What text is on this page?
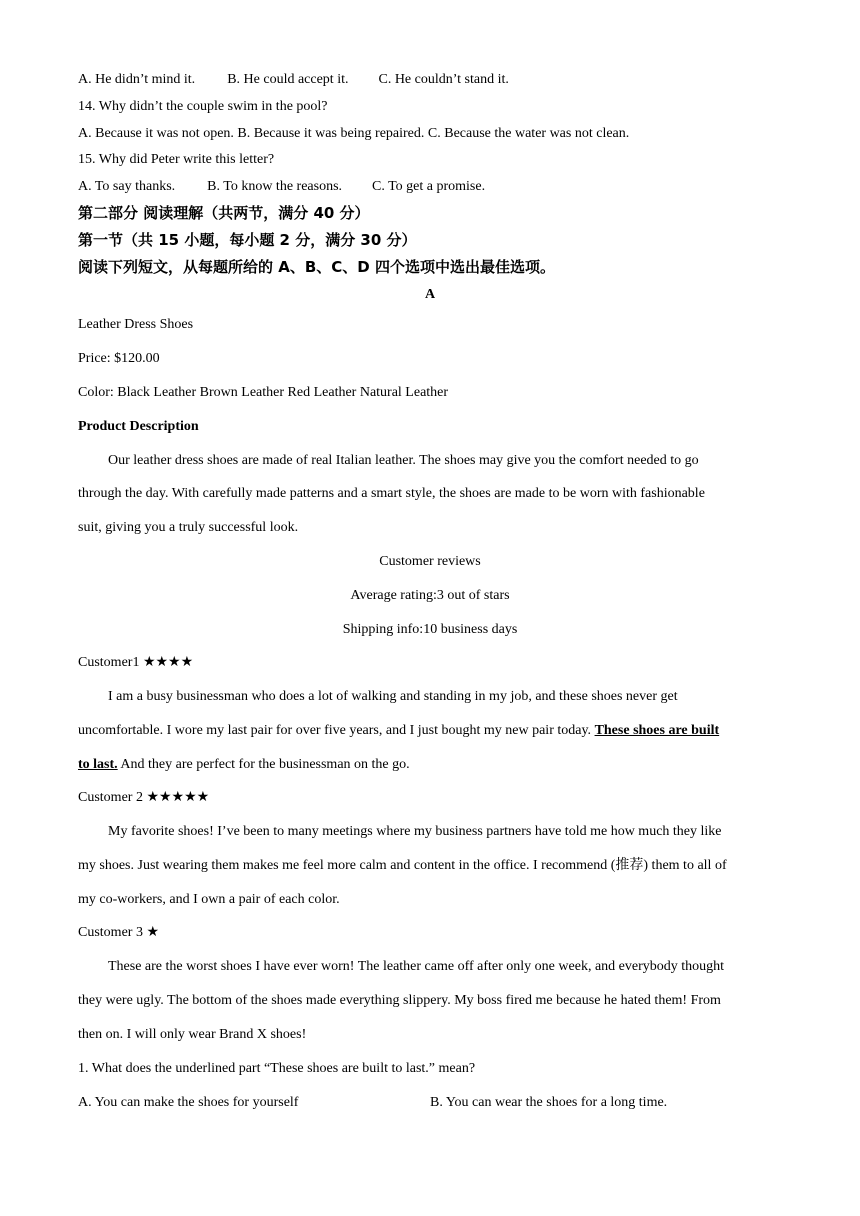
A. He didn’t mind it. B. He could accept it. C. He couldn’t stand it.
14. Why didn’t the couple swim in the pool?
A. Because it was not open. B. Because it was being repaired. C. Because the water was not clean.
15. Why did Peter write this letter?
A. To say thanks. B. To know the reasons. C. To get a promise.
第二部分 阅读理解（共两节，满分 40 分）
第一节（共 15 小题，每小题 2 分，满分 30 分）
阅读下列短文，从每题所给的 A、B、C、D 四个选项中选出最佳选项。
A
Leather Dress Shoes
Price: $120.00
Color: Black Leather Brown Leather Red Leather Natural Leather
Product Description
Our leather dress shoes are made of real Italian leather. The shoes may give you the comfort needed to go
through the day. With carefully made patterns and a smart style, the shoes are made to be worn with fashionable
suit, giving you a truly successful look.
Customer reviews
Average rating:3 out of stars
Shipping info:10 business days
Customer1 ★★★★
I am a busy businessman who does a lot of walking and standing in my job, and these shoes never get
uncomfortable. I wore my last pair for over five years, and I just bought my new pair today. These shoes are built
to last. And they are perfect for the businessman on the go.
Customer 2 ★★★★★
My favorite shoes! I’ve been to many meetings where my business partners have told me how much they like
my shoes. Just wearing them makes me feel more calm and content in the office. I recommend (推荐) them to all of
my co-workers, and I own a pair of each color.
Customer 3 ★
These are the worst shoes I have ever worn! The leather came off after only one week, and everybody thought
they were ugly. The bottom of the shoes made everything slippery. My boss fired me because he hated them! From
then on. I will only wear Brand X shoes!
1. What does the underlined part “These shoes are built to last.” mean?
A. You can make the shoes for yourself	B. You can wear the shoes for a long time.
